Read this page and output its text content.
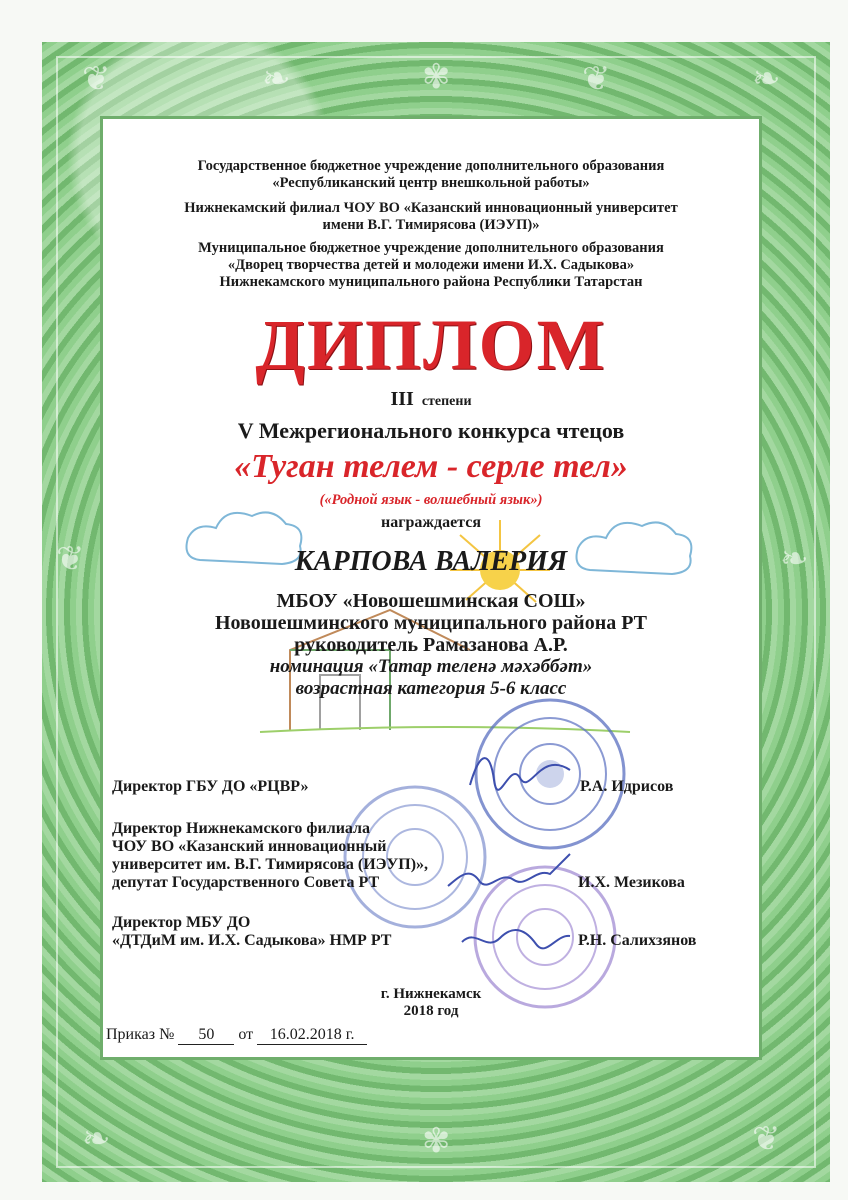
❦	❧	✾	❦	❧
❦	❧
❧	✾	❦
Государственное бюджетное учреждение дополнительного образования
«Республиканский центр внешкольной работы»
Нижнекамский филиал ЧОУ ВО «Казанский инновационный университет
имени В.Г. Тимирясова (ИЭУП)»
Муниципальное бюджетное учреждение дополнительного образования
«Дворец творчества детей и молодежи имени И.Х. Садыкова»
Нижнекамского муниципального района Республики Татарстан
ДИПЛОМ
III степени
V Межрегионального конкурса чтецов
«Туган телем - серле тел»
(«Родной язык - волшебный язык»)
награждается
КАРПОВА ВАЛЕРИЯ
МБОУ «Новошешминская СОШ»
Новошешминского муниципального района РТ
руководитель Рамазанова А.Р.
номинация «Татар теленә мәхәббәт»
возрастная категория 5-6 класс
Директор ГБУ ДО «РЦВР»	Р.А. Идрисов
Директор Нижнекамского филиала
ЧОУ ВО «Казанский инновационный
университет им. В.Г. Тимирясова (ИЭУП)»,
депутат Государственного Совета РТ	И.Х. Мезикова
Директор МБУ ДО
«ДТДиМ им. И.Х. Садыкова» НМР РТ	Р.Н. Салихзянов
г. Нижнекамск
2018 год
Приказ № 50 от 16.02.2018 г.
